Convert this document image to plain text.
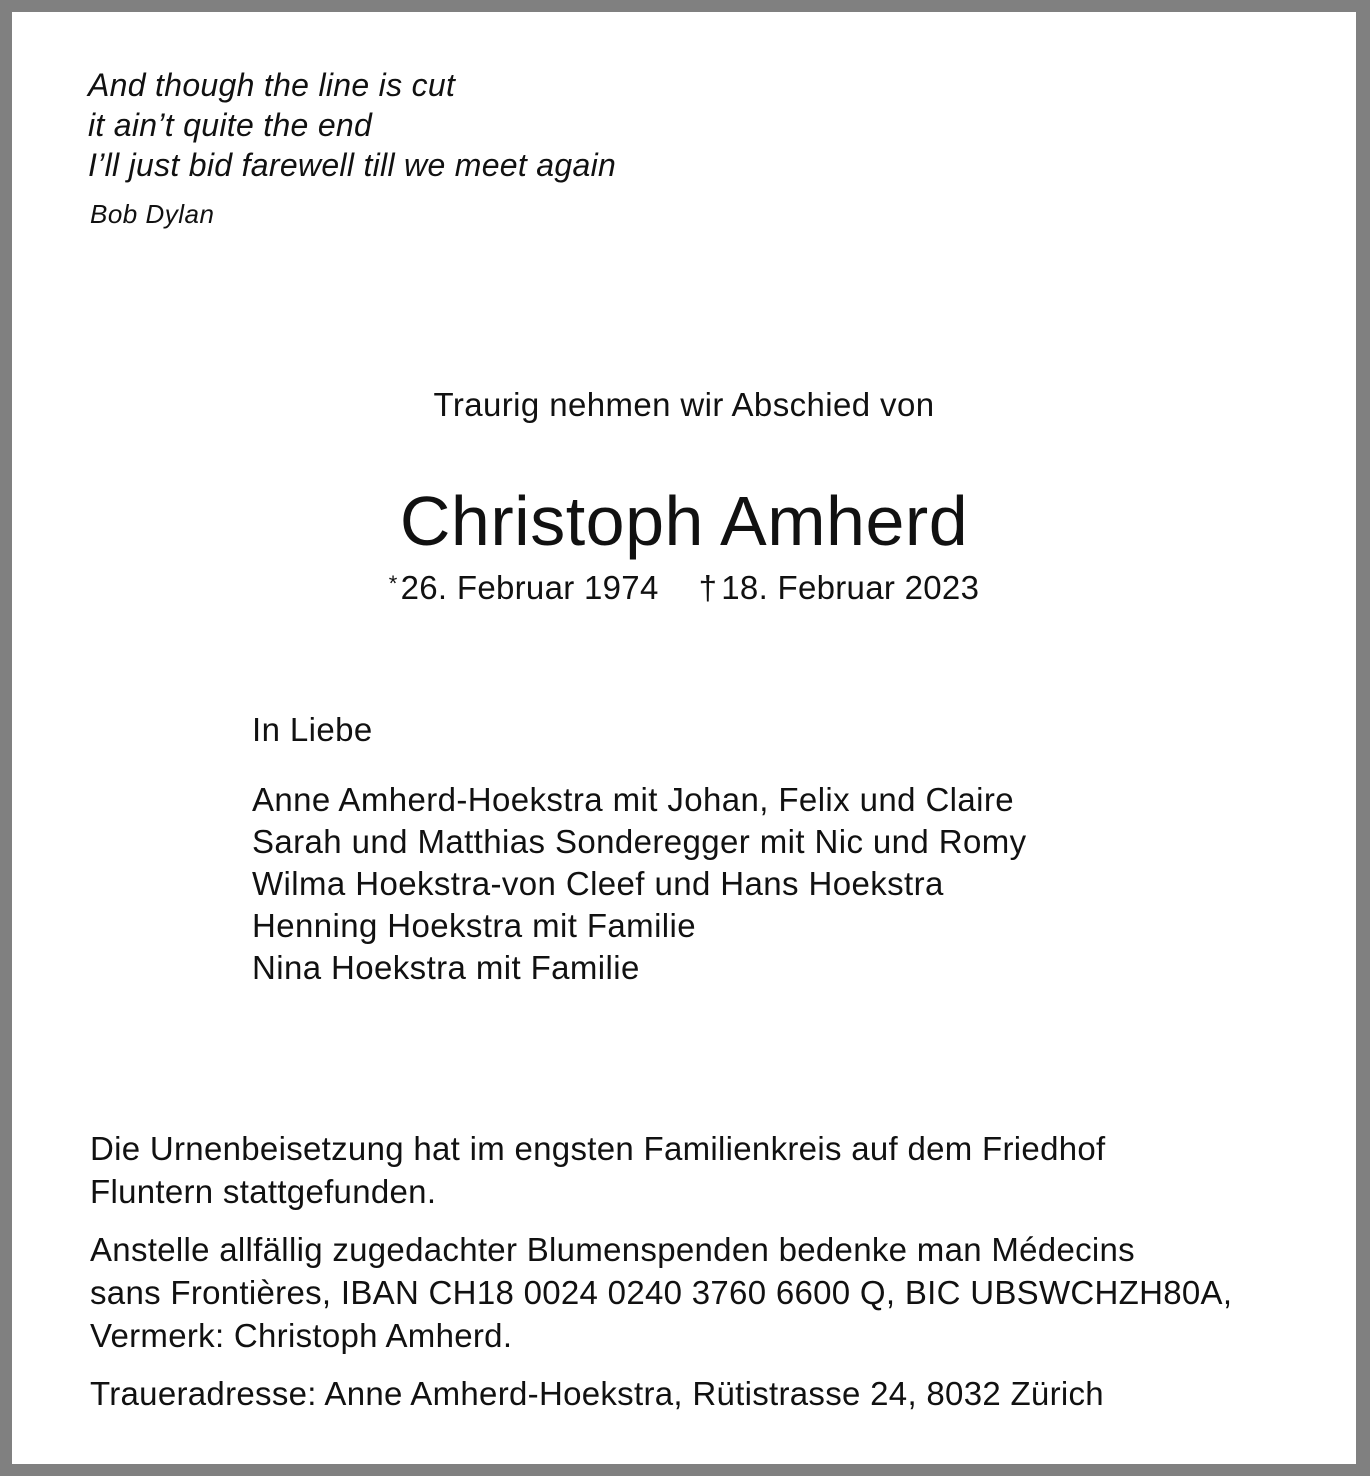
And though the line is cut
it ain’t quite the end
I’ll just bid farewell till we meet again
Bob Dylan
Traurig nehmen wir Abschied von
Christoph Amherd
*26. Februar 1974 † 18. Februar 2023
In Liebe
Anne Amherd-Hoekstra mit Johan, Felix und Claire
Sarah und Matthias Sonderegger mit Nic und Romy
Wilma Hoekstra-von Cleef und Hans Hoekstra
Henning Hoekstra mit Familie
Nina Hoekstra mit Familie
Die Urnenbeisetzung hat im engsten Familienkreis auf dem Friedhof
Fluntern stattgefunden.
Anstelle allfällig zugedachter Blumenspenden bedenke man Médecins
sans Frontières, IBAN CH18 0024 0240 3760 6600 Q, BIC UBSWCHZH80A,
Vermerk: Christoph Amherd.
Traueradresse: Anne Amherd-Hoekstra, Rütistrasse 24, 8032 Zürich
